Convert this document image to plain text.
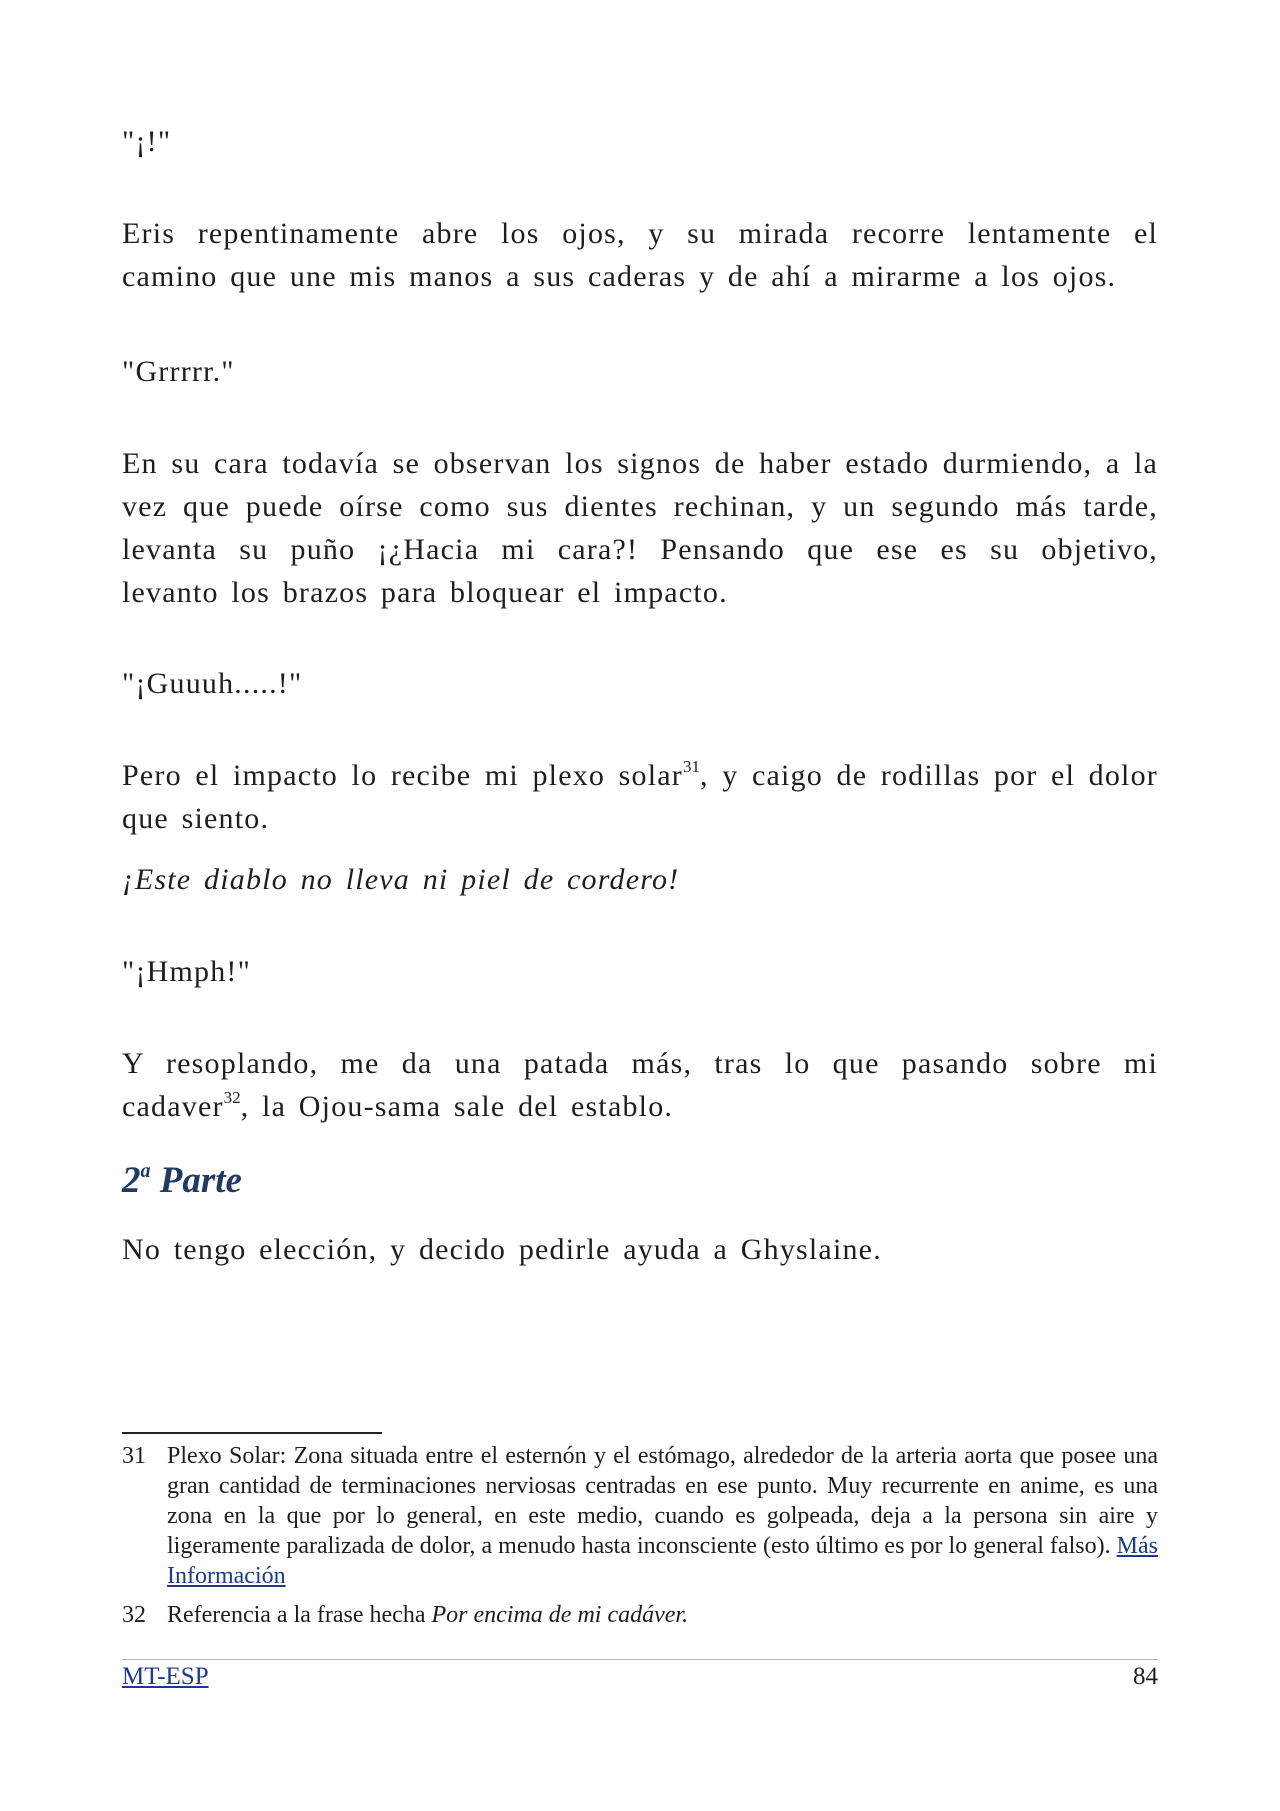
"¡!"

Eris repentinamente abre los ojos, y su mirada recorre lentamente el camino que une mis manos a sus caderas y de ahí a mirarme a los ojos.

"Grrrrr."

En su cara todavía se observan los signos de haber estado durmiendo, a la vez que puede oírse como sus dientes rechinan, y un segundo más tarde, levanta su puño ¡¿Hacia mi cara?! Pensando que ese es su objetivo, levanto los brazos para bloquear el impacto.

"¡Guuuh.....!"

Pero el impacto lo recibe mi plexo solar$^{31}$, y caigo de rodillas por el dolor que siento.

¡Este diablo no lleva ni piel de cordero!

"¡Hmph!"

Y resoplando, me da una patada más, tras lo que pasando sobre mi cadaver$^{32}$, la Ojou-sama sale del establo.

2$^a$ Parte

No tengo elección, y decido pedirle ayuda a Ghyslaine.

31 Plexo Solar: Zona situada entre el esternón y el estómago, alrededor de la arteria aorta que posee una gran cantidad de terminaciones nerviosas centradas en ese punto. Muy recurrente en anime, es una zona en la que por lo general, en este medio, cuando es golpeada, deja a la persona sin aire y ligeramente paralizada de dolor, a menudo hasta inconsciente (esto último es por lo general falso). Más Información
32 Referencia a la frase hecha Por encima de mi cadáver.
MT-ESP	84
